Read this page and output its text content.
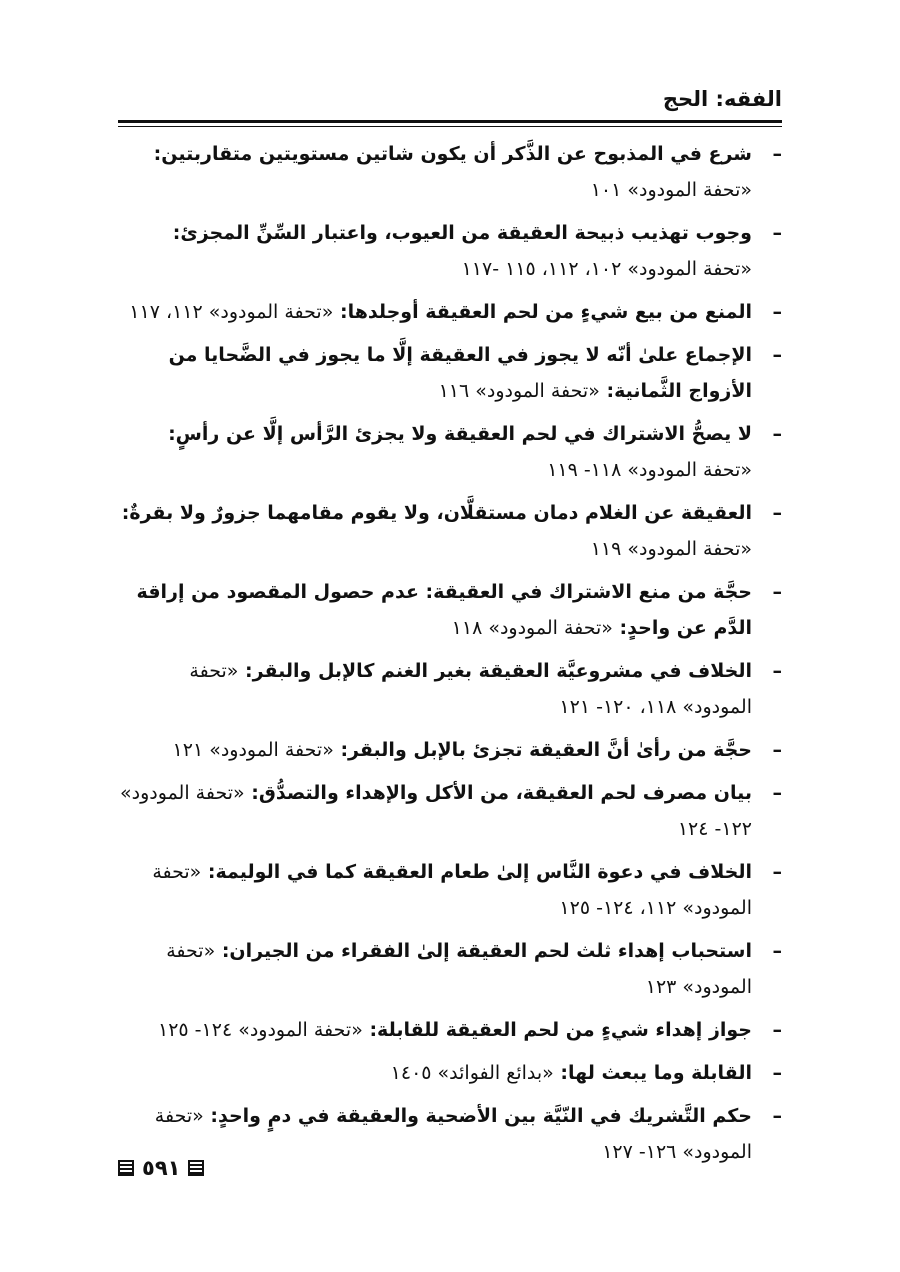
الفقه: الحج
–
شرع في المذبوح عن الذَّكر أن يكون شاتين مستويتين متقاربتين: «تحفة المودود» ١٠١
–
وجوب تهذيب ذبيحة العقيقة من العيوب، واعتبار السِّنِّ المجزئ: «تحفة المودود» ١٠٢، ١١٢، ١١٥ -١١٧
–
المنع من بيع شيءٍ من لحم العقيقة أوجلدها: «تحفة المودود» ١١٢، ١١٧
–
الإجماع علىٰ أنّه لا يجوز في العقيقة إلَّا ما يجوز في الضَّحايا من الأزواج الثَّمانية: «تحفة المودود» ١١٦
–
لا يصحُّ الاشتراك في لحم العقيقة ولا يجزئ الرَّأس إلَّا عن رأسٍ: «تحفة المودود» ١١٨- ١١٩
–
العقيقة عن الغلام دمان مستقلَّان، ولا يقوم مقامهما جزورٌ ولا بقرةٌ: «تحفة المودود» ١١٩
–
حجَّة من منع الاشتراك في العقيقة: عدم حصول المقصود من إراقة الدَّم عن واحدٍ: «تحفة المودود» ١١٨
–
الخلاف في مشروعيَّة العقيقة بغير الغنم كالإبل والبقر: «تحفة المودود» ١١٨، ١٢٠- ١٢١
–
حجَّة من رأىٰ أنَّ العقيقة تجزئ بالإبل والبقر: «تحفة المودود» ١٢١
–
بيان مصرف لحم العقيقة، من الأكل والإهداء والتصدُّق: «تحفة المودود» ١٢٢- ١٢٤
–
الخلاف في دعوة النَّاس إلىٰ طعام العقيقة كما في الوليمة: «تحفة المودود» ١١٢، ١٢٤- ١٢٥
–
استحباب إهداء ثلث لحم العقيقة إلىٰ الفقراء من الجيران: «تحفة المودود» ١٢٣
–
جواز إهداء شيءٍ من لحم العقيقة للقابلة: «تحفة المودود» ١٢٤- ١٢٥
–
القابلة وما يبعث لها: «بدائع الفوائد» ١٤٠٥
–
حكم التَّشريك في النّيَّة بين الأضحية والعقيقة في دمٍ واحدٍ: «تحفة المودود» ١٢٦- ١٢٧
٥٩١
